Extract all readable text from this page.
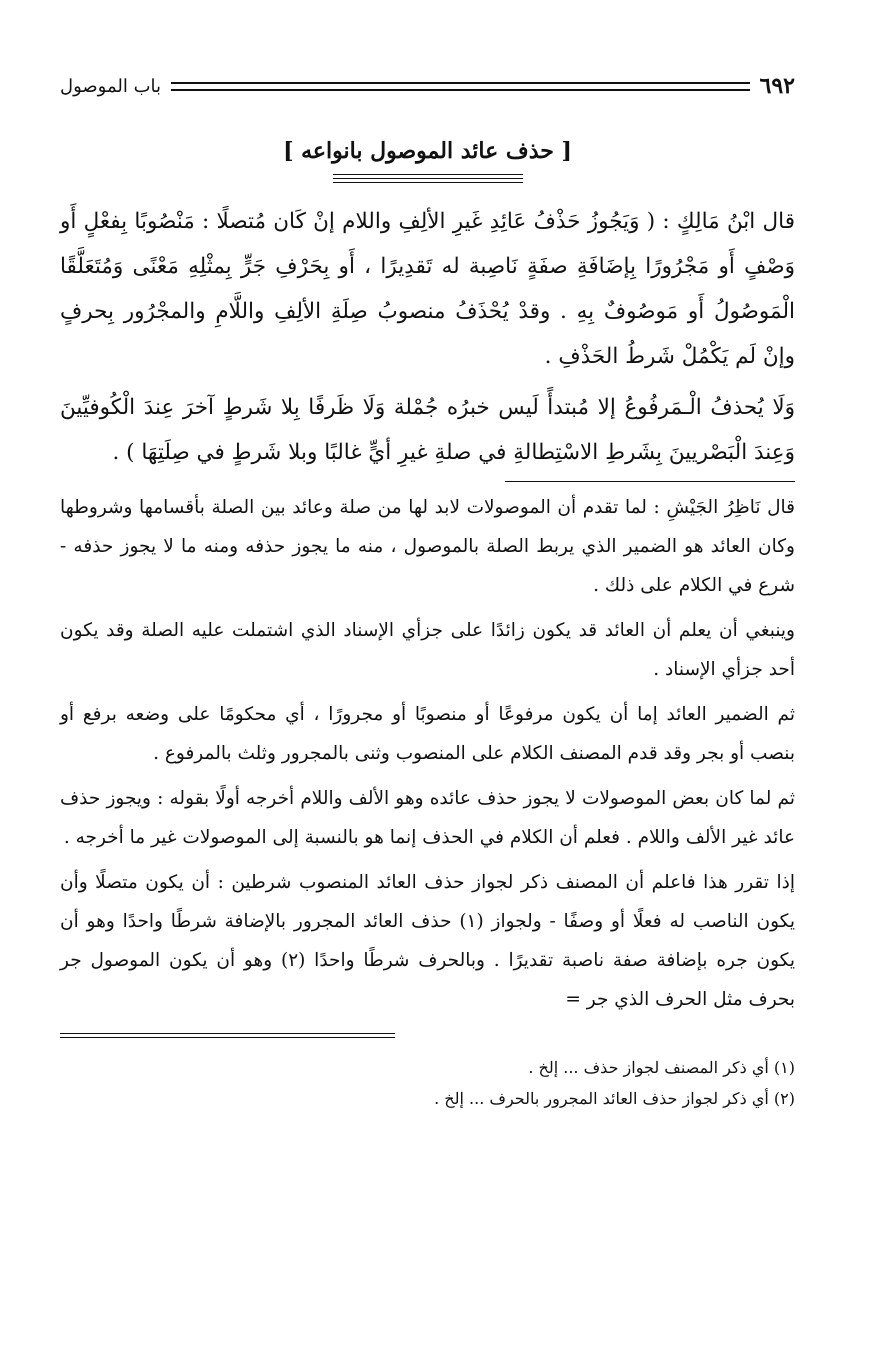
٦٩٢
باب الموصول
[ حذف عائد الموصول بانواعه ]

قال ابْنُ مَالِكٍ : ( وَيَجُوزُ حَذْفُ عَائِدِ غَيرِ الألِفِ واللام إنْ كَان مُتصلًا : مَنْصُوبًا بِفعْلٍ أَو وَصْفٍ أَو مَجْرُورًا بِإضَافَةِ صفَةٍ نَاصِبة له تَقدِيرًا ، أَو بِحَرْفِ جَرٍّ بِمثْلِهِ مَعْنًى وَمُتَعَلَّقًا الْمَوصُولُ أَو مَوصُوفٌ بِهِ . وقدْ يُحْذَفُ منصوبُ صِلَةِ الألِفِ واللَّامِ والمجْرُور بِحرفٍ وإنْ لَم يَكْمُلْ شَرطُ الحَذْفِ .

وَلَا يُحذفُ الْـمَرفُوعُ إلا مُبتدأً لَيس خبرُه جُمْلة وَلَا ظَرفًا بِلا شَرطٍ آخرَ عِندَ الْكُوفيِّينَ وَعِندَ الْبَصْريينَ بِشَرطِ الاسْتِطالةِ في صلةِ غيرِ أيٍّ غالبًا وبلا شَرطٍ في صِلَتِهَا ) .

قال نَاظِرُ الجَيْشِ : لما تقدم أن الموصولات لابد لها من صلة وعائد بين الصلة بأقسامها وشروطها وكان العائد هو الضمير الذي يربط الصلة بالموصول ، منه ما يجوز حذفه ومنه ما لا يجوز حذفه - شرع في الكلام على ذلك .

وينبغي أن يعلم أن العائد قد يكون زائدًا على جزأي الإسناد الذي اشتملت عليه الصلة وقد يكون أحد جزأي الإسناد .

ثم الضمير العائد إما أن يكون مرفوعًا أو منصوبًا أو مجرورًا ، أي محكومًا على وضعه برفع أو بنصب أو بجر وقد قدم المصنف الكلام على المنصوب وثنى بالمجرور وثلث بالمرفوع .

ثم لما كان بعض الموصولات لا يجوز حذف عائده وهو الألف واللام أخرجه أولًا بقوله : ويجوز حذف عائد غير الألف واللام . فعلم أن الكلام في الحذف إنما هو بالنسبة إلى الموصولات غير ما أخرجه .

إذا تقرر هذا فاعلم أن المصنف ذكر لجواز حذف العائد المنصوب شرطين : أن يكون متصلًا وأن يكون الناصب له فعلًا أو وصفًا - ولجواز (١) حذف العائد المجرور بالإضافة شرطًا واحدًا وهو أن يكون جره بإضافة صفة ناصبة تقديرًا . وبالحرف شرطًا واحدًا (٢) وهو أن يكون الموصول جر بحرف مثل الحرف الذي جر =

(١) أي ذكر المصنف لجواز حذف ... إلخ .

(٢) أي ذكر لجواز حذف العائد المجرور بالحرف ... إلخ .
